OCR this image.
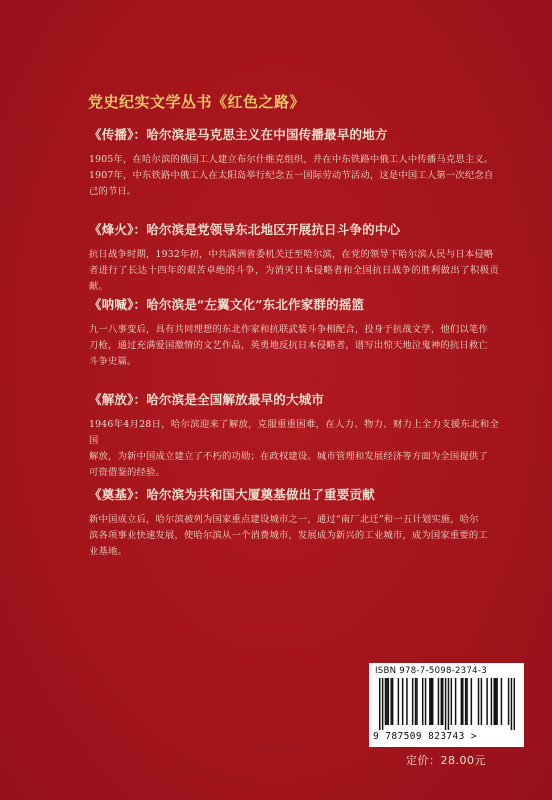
党史纪实文学丛书《红色之路》

《传播》：哈尔滨是马克思主义在中国传播最早的地方

1905年，在哈尔滨的俄国工人建立布尔什维克组织，并在中东铁路中俄工人中传播马克思主义。
1907年，中东铁路中俄工人在太阳岛举行纪念五一国际劳动节活动，这是中国工人第一次纪念自
己的节日。

《烽火》：哈尔滨是党领导东北地区开展抗日斗争的中心

抗日战争时期，1932年初，中共满洲省委机关迁至哈尔滨，在党的领导下哈尔滨人民与日本侵略
者进行了长达十四年的艰苦卓绝的斗争，为消灭日本侵略者和全国抗日战争的胜利做出了积极贡献。

《呐喊》：哈尔滨是“左翼文化”东北作家群的摇篮

九一八事变后，具有共同理想的东北作家和抗联武装斗争相配合，投身于抗战文学，他们以笔作
刀枪，通过充满爱国激情的文艺作品，英勇地反抗日本侵略者，谱写出惊天地泣鬼神的抗日救亡
斗争史篇。

《解放》：哈尔滨是全国解放最早的大城市

1946年4月28日，哈尔滨迎来了解放，克服重重困难，在人力、物力、财力上全力支援东北和全国
解放，为新中国成立建立了不朽的功勋；在政权建设、城市管理和发展经济等方面为全国提供了
可资借鉴的经验。

《奠基》：哈尔滨为共和国大厦奠基做出了重要贡献

新中国成立后，哈尔滨被列为国家重点建设城市之一，通过“南厂北迁”和一五计划实施，哈尔
滨各项事业快速发展，使哈尔滨从一个消费城市，发展成为新兴的工业城市，成为国家重要的工
业基地。

ISBN 978-7-5098-2374-3
9 787509 823743 >
定价：28.00元
